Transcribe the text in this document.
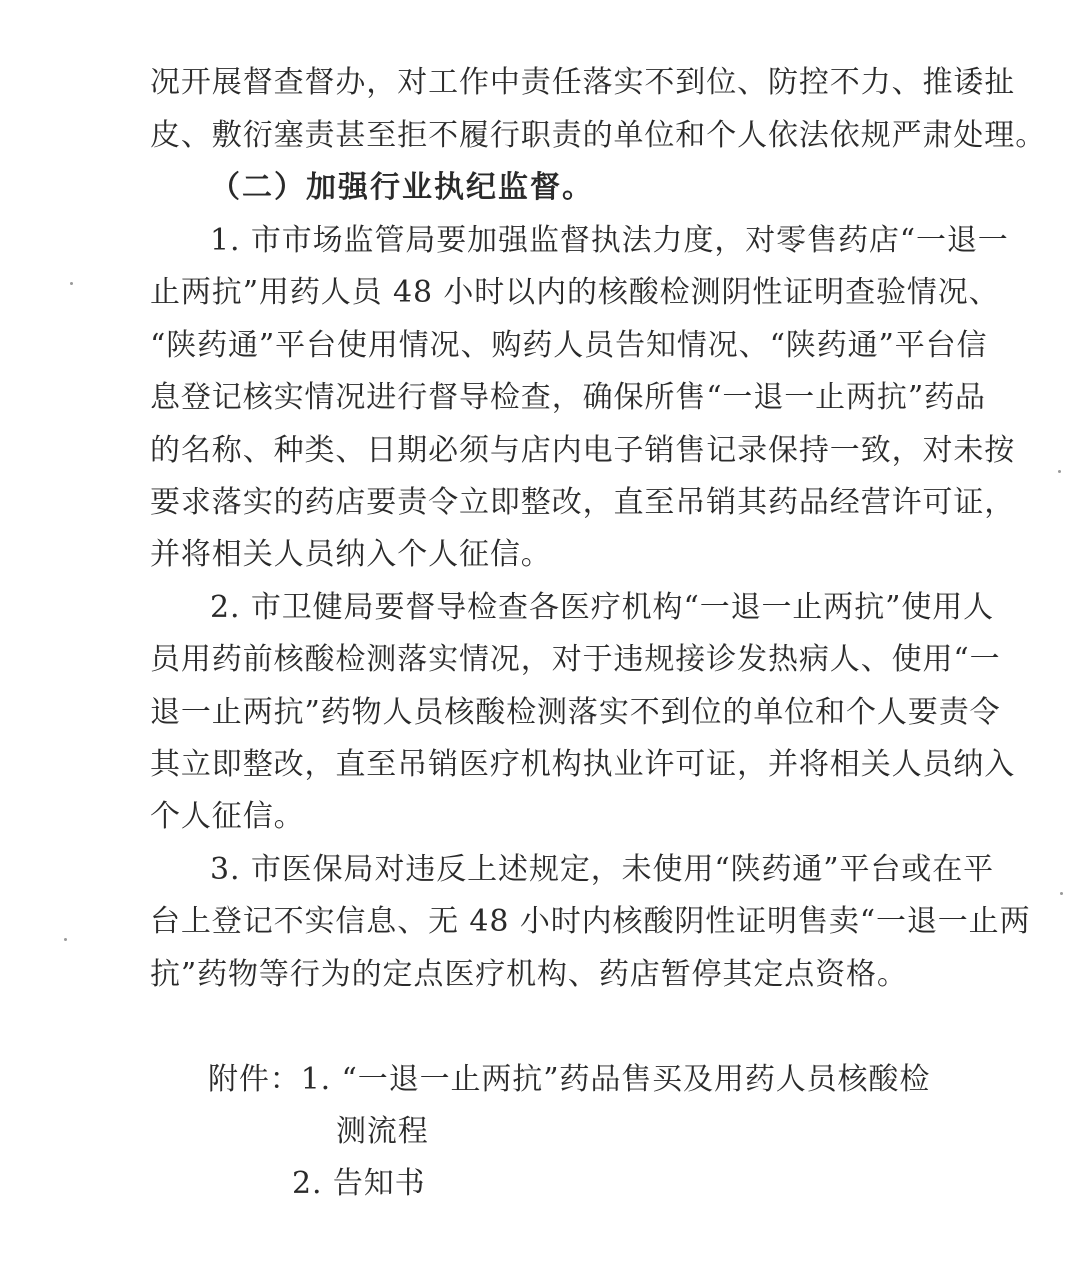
况开展督查督办，对工作中责任落实不到位、防控不力、推诿扯
皮、敷衍塞责甚至拒不履行职责的单位和个人依法依规严肃处理。
（二）加强行业执纪监督。
1. 市市场监管局要加强监督执法力度，对零售药店“一退一
止两抗”用药人员 48 小时以内的核酸检测阴性证明查验情况、
“陕药通”平台使用情况、购药人员告知情况、“陕药通”平台信
息登记核实情况进行督导检查，确保所售“一退一止两抗”药品
的名称、种类、日期必须与店内电子销售记录保持一致，对未按
要求落实的药店要责令立即整改，直至吊销其药品经营许可证，
并将相关人员纳入个人征信。
2. 市卫健局要督导检查各医疗机构“一退一止两抗”使用人
员用药前核酸检测落实情况，对于违规接诊发热病人、使用“一
退一止两抗”药物人员核酸检测落实不到位的单位和个人要责令
其立即整改，直至吊销医疗机构执业许可证，并将相关人员纳入
个人征信。
3. 市医保局对违反上述规定，未使用“陕药通”平台或在平
台上登记不实信息、无 48 小时内核酸阴性证明售卖“一退一止两
抗”药物等行为的定点医疗机构、药店暂停其定点资格。
附件：1. “一退一止两抗”药品售买及用药人员核酸检
测流程
2. 告知书
